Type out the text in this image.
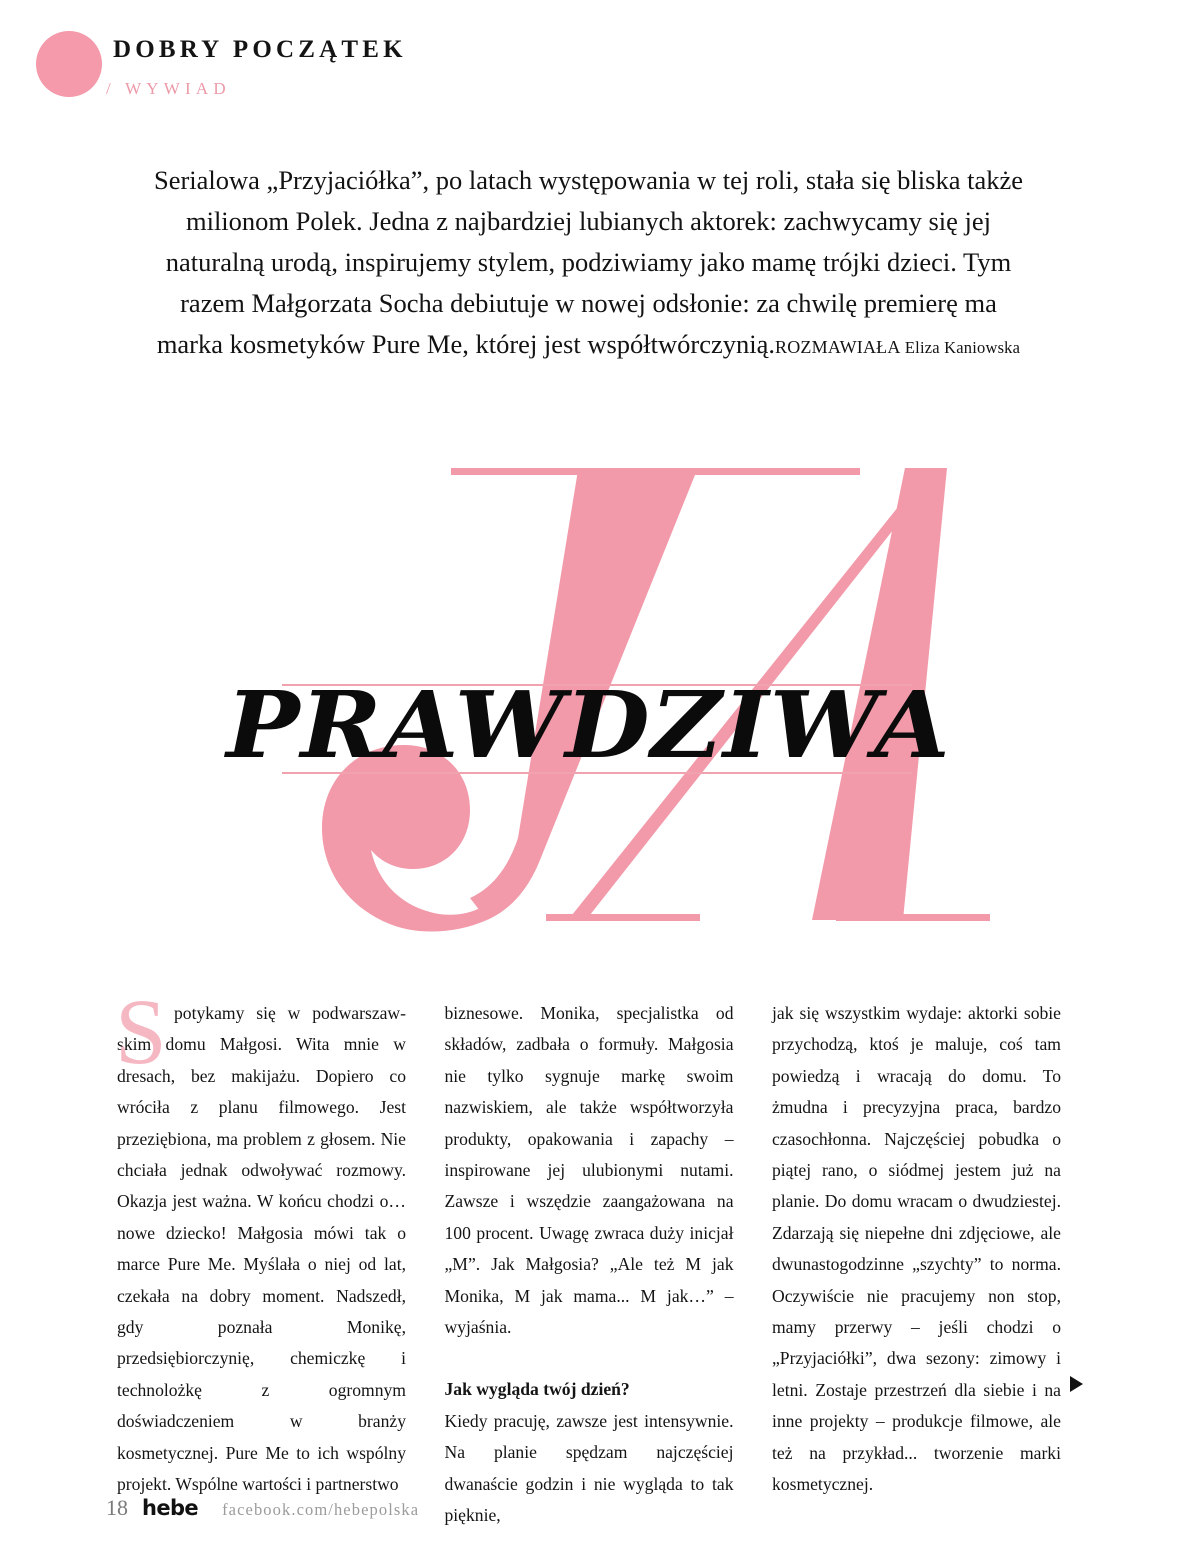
DOBRY POCZĄTEK
/ WYWIAD
Serialowa „Przyjaciółka”, po latach występowania w tej roli, stała się bliska także milionom Polek. Jedna z najbardziej lubianych aktorek: zachwycamy się jej naturalną urodą, inspirujemy stylem, podziwiamy jako mamę trójki dzieci. Tym razem Małgorzata Socha debiutuje w nowej odsłonie: za chwilę premierę ma marka kosmetyków Pure Me, której jest współtwórczynią.ROZMAWIAŁA Eliza Kaniowska
PRAWDZIWA
S potykamy się w podwarszawskim domu Małgosi. Wita mnie w dresach, bez makijażu. Dopiero co wróciła z planu filmowego. Jest przeziębiona, ma problem z głosem. Nie chciała jednak odwoływać rozmowy. Okazja jest ważna. W końcu chodzi o… nowe dziecko! Małgosia mówi tak o marce Pure Me. Myślała o niej od lat, czekała na dobry moment. Nadszedł, gdy poznała Monikę, przedsiębiorczynię, chemiczkę i technolożkę z ogromnym doświadczeniem w branży kosmetycznej. Pure Me to ich wspólny projekt. Wspólne wartości i partnerstwo

biznesowe. Monika, specjalistka od składów, zadbała o formuły. Małgosia nie tylko sygnuje markę swoim nazwiskiem, ale także współtworzyła produkty, opakowania i zapachy – inspirowane jej ulubionymi nutami. Zawsze i wszędzie zaangażowana na 100 procent. Uwagę zwraca duży inicjał „M”. Jak Małgosia? „Ale też M jak Monika, M jak mama... M jak…” – wyjaśnia.

Jak wygląda twój dzień?

Kiedy pracuję, zawsze jest intensywnie. Na planie spędzam najczęściej dwanaście godzin i nie wygląda to tak pięknie,

jak się wszystkim wydaje: aktorki sobie przychodzą, ktoś je maluje, coś tam powiedzą i wracają do domu. To żmudna i precyzyjna praca, bardzo czasochłonna. Najczęściej pobudka o piątej rano, o siódmej jestem już na planie. Do domu wracam o dwudziestej. Zdarzają się niepełne dni zdjęciowe, ale dwunastogodzinne „szychty” to norma. Oczywiście nie pracujemy non stop, mamy przerwy – jeśli chodzi o „Przyjaciółki”, dwa sezony: zimowy i letni. Zostaje przestrzeń dla siebie i na inne projekty – produkcje filmowe, ale też na przykład... tworzenie marki kosmetycznej.

18 hebe facebook.com/hebepolska
